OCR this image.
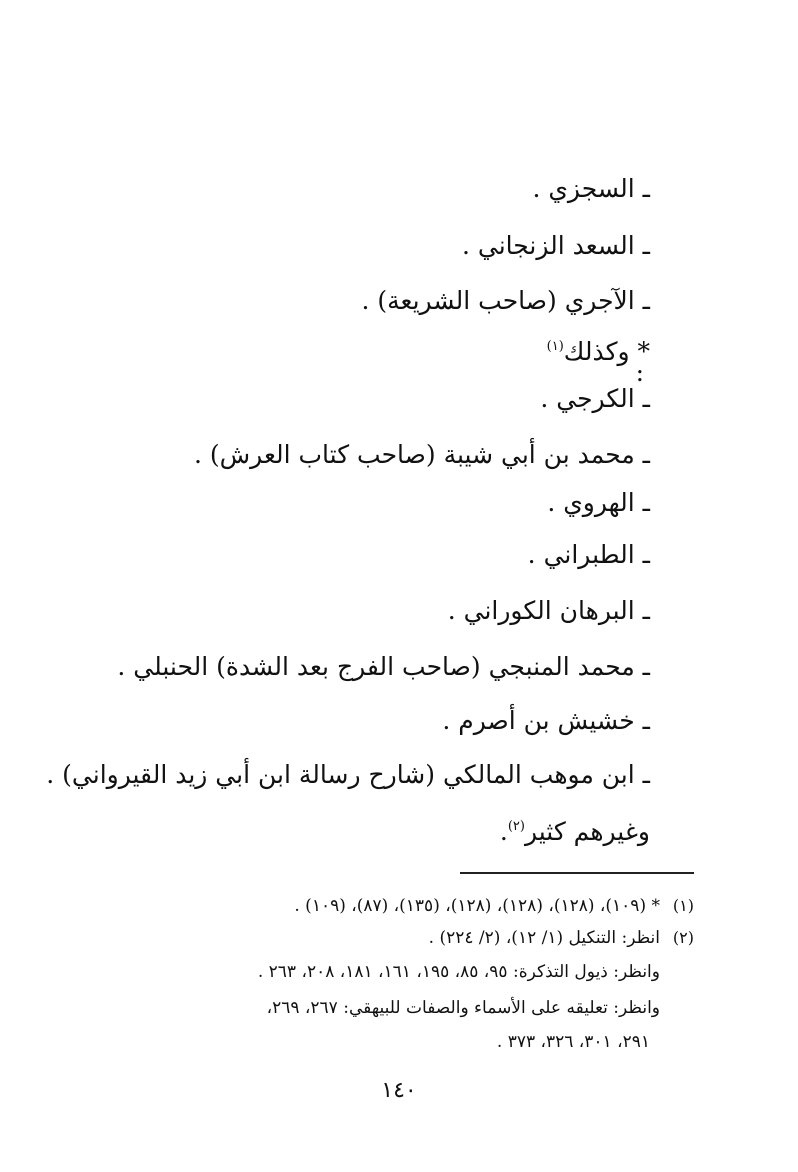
ـ السجزي .
ـ السعد الزنجاني .
ـ الآجري (صاحب الشريعة) .
* وكذلك$^{(١)}$
:
ـ الكرجي .
ـ محمد بن أبي شيبة (صاحب كتاب العرش) .
ـ الهروي .
ـ الطبراني .
ـ البرهان الكوراني .
ـ محمد المنبجي (صاحب الفرج بعد الشدة) الحنبلي .
ـ خشيش بن أصرم .
ـ ابن موهب المالكي (شارح رسالة ابن أبي زيد القيرواني) .
وغيرهم كثير$^{(٢)}$.
(١)
* (١٠٩)، (١٢٨)، (١٢٨)، (١٢٨)، (١٣٥)، (٨٧)، (١٠٩) .
(٢)
انظر: التنكيل (١/ ١٢)، (٢/ ٢٢٤) .
وانظر: ذيول التذكرة: ٩٥، ٨٥، ١٩٥، ١٦١، ١٨١، ٢٠٨، ٢٦٣ .
وانظر: تعليقه على الأسماء والصفات للبيهقي: ٢٦٧، ٢٦٩،
٢٩١، ٣٠١، ٣٢٦، ٣٧٣ .
١٤٠
